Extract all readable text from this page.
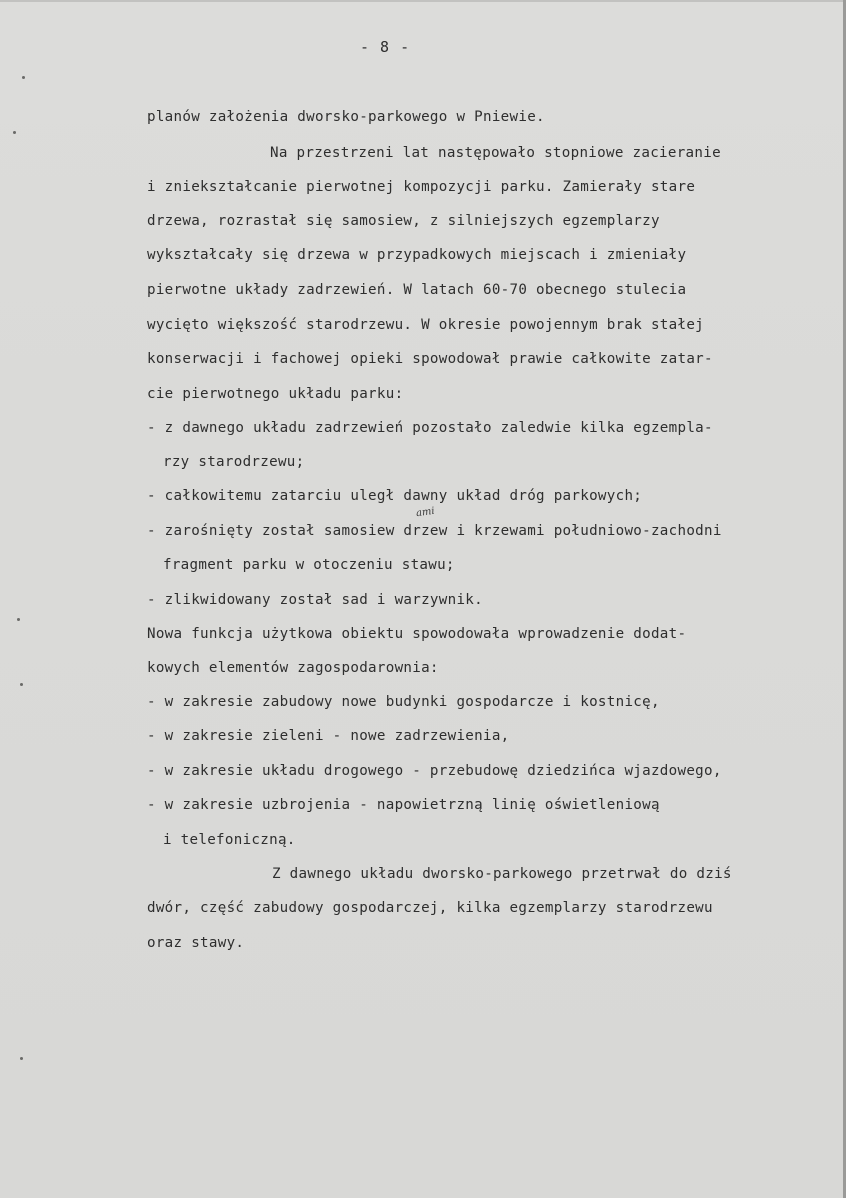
- 8 -
planów założenia dworsko-parkowego w Pniewie.
Na przestrzeni lat następowało stopniowe zacieranie
i zniekształcanie pierwotnej kompozycji parku. Zamierały stare
drzewa, rozrastał się samosiew, z silniejszych egzemplarzy
wykształcały się drzewa w przypadkowych miejscach i zmieniały
pierwotne układy zadrzewień. W latach 60-70 obecnego stulecia
wycięto większość starodrzewu. W okresie powojennym brak stałej
konserwacji i fachowej opieki spowodował prawie całkowite zatar-
cie pierwotnego układu parku:
- z dawnego układu zadrzewień pozostało zaledwie kilka egzempla-
rzy starodrzewu;
- całkowitemu zatarciu uległ dawny układ dróg parkowych;
- zarośnięty został samosiew drzew i krzewami południowo-zachodni
fragment parku w otoczeniu stawu;
- zlikwidowany został sad i warzywnik.
Nowa funkcja użytkowa obiektu spowodowała wprowadzenie dodat-
kowych elementów zagospodarownia:
- w zakresie zabudowy nowe budynki gospodarcze i kostnicę,
- w zakresie zieleni - nowe zadrzewienia,
- w zakresie układu drogowego - przebudowę dziedzińca wjazdowego,
- w zakresie uzbrojenia - napowietrzną linię oświetleniową
i telefoniczną.
Z dawnego układu dworsko-parkowego przetrwał do dziś
dwór, część zabudowy gospodarczej, kilka egzemplarzy starodrzewu
oraz stawy.
ami
